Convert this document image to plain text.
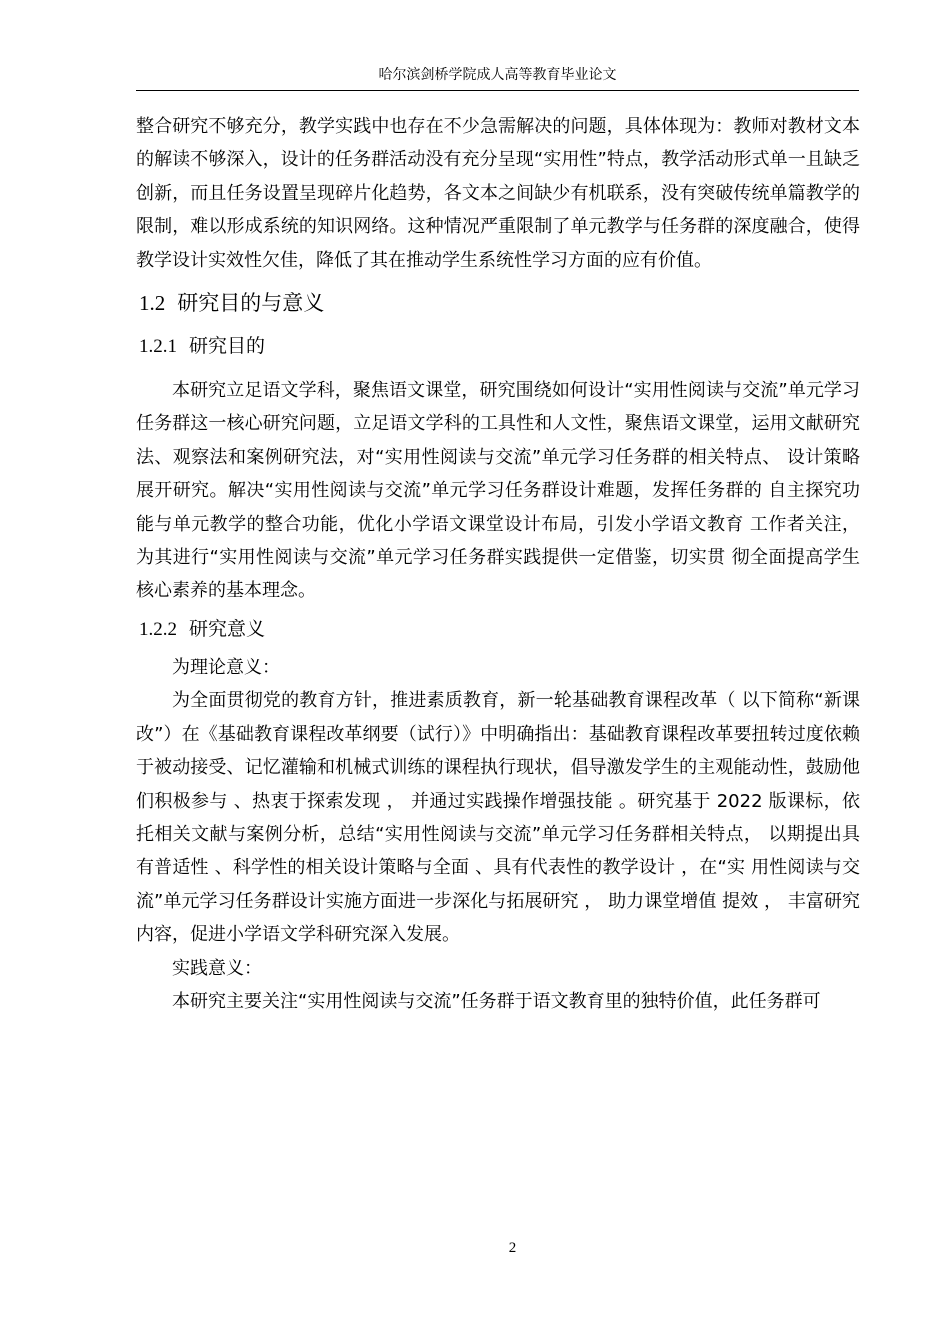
哈尔滨剑桥学院成人高等教育毕业论文

整合研究不够充分，教学实践中也存在不少急需解决的问题，具体体现为：教师对教材文本的解读不够深入，设计的任务群活动没有充分呈现“实用性”特点，教学活动形式单一且缺乏创新，而且任务设置呈现碎片化趋势，各文本之间缺少有机联系，没有突破传统单篇教学的限制，难以形成系统的知识网络。这种情况严重限制了单元教学与任务群的深度融合，使得教学设计实效性欠佳，降低了其在推动学生系统性学习方面的应有价值。

1.2 研究目的与意义
1.2.1 研究目的

本研究立足语文学科，聚焦语文课堂，研究围绕如何设计“实用性阅读与交流”单元学习任务群这一核心研究问题，立足语文学科的工具性和人文性，聚焦语文课堂，运用文献研究法、观察法和案例研究法，对“实用性阅读与交流”单元学习任务群的相关特点、 设计策略展开研究。解决“实用性阅读与交流”单元学习任务群设计难题，发挥任务群的 自主探究功能与单元教学的整合功能，优化小学语文课堂设计布局，引发小学语文教育 工作者关注，为其进行“实用性阅读与交流”单元学习任务群实践提供一定借鉴，切实贯 彻全面提高学生核心素养的基本理念。

1.2.2 研究意义

为理论意义：

为全面贯彻党的教育方针，推进素质教育，新一轮基础教育课程改革（ 以下简称“新课改”）在《基础教育课程改革纲要（试行）》中明确指出：基础教育课程改革要扭转过度依赖于被动接受、记忆灌输和机械式训练的课程执行现状，倡导激发学生的主观能动性，鼓励他们积极参与 、热衷于探索发现 ， 并通过实践操作增强技能 。研究基于 2022 版课标，依托相关文献与案例分析，总结“实用性阅读与交流”单元学习任务群相关特点， 以期提出具有普适性 、科学性的相关设计策略与全面 、具有代表性的教学设计 ，在“实 用性阅读与交流”单元学习任务群设计实施方面进一步深化与拓展研究 ， 助力课堂增值 提效 ， 丰富研究内容，促进小学语文学科研究深入发展。

实践意义：

本研究主要关注“实用性阅读与交流”任务群于语文教育里的独特价值，此任务群可

2
